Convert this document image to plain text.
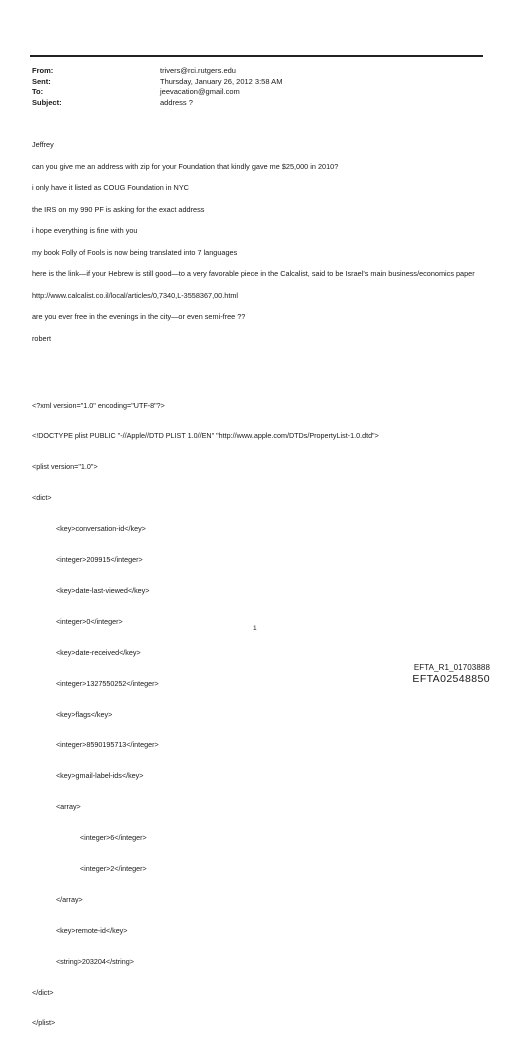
From:	trivers@rci.rutgers.edu
Sent:	Thursday, January 26, 2012 3:58 AM
To:	jeevacation@gmail.com
Subject:	address ?

Jeffrey

can you give me an address with zip for your Foundation that kindly gave me $25,000 in 2010?

i only have it listed as COUG Foundation in NYC

the IRS on my 990 PF is asking for the exact address

i hope everything is fine with you

my book Folly of Fools is now being translated into 7 languages

here is the link—if your Hebrew is still good—to a very favorable piece in the Calcalist, said to be Israel's main business/economics paper

http://www.calcalist.co.il/local/articles/0,7340,L-3558367,00.html

are you ever free in the evenings in the city—or even semi-free ??

robert

<?xml version="1.0" encoding="UTF-8"?>

<!DOCTYPE plist PUBLIC "-//Apple//DTD PLIST 1.0//EN" "http://www.apple.com/DTDs/PropertyList-1.0.dtd">

<plist version="1.0">

<dict>

<key>conversation-id</key>

<integer>209915</integer>

<key>date-last-viewed</key>

<integer>0</integer>

<key>date-received</key>

<integer>1327550252</integer>

<key>flags</key>

<integer>8590195713</integer>

<key>gmail-label-ids</key>

<array>

<integer>6</integer>

<integer>2</integer>

</array>

<key>remote-id</key>

<string>203204</string>

</dict>

</plist>

1
EFTA_R1_01703888
EFTA02548850
